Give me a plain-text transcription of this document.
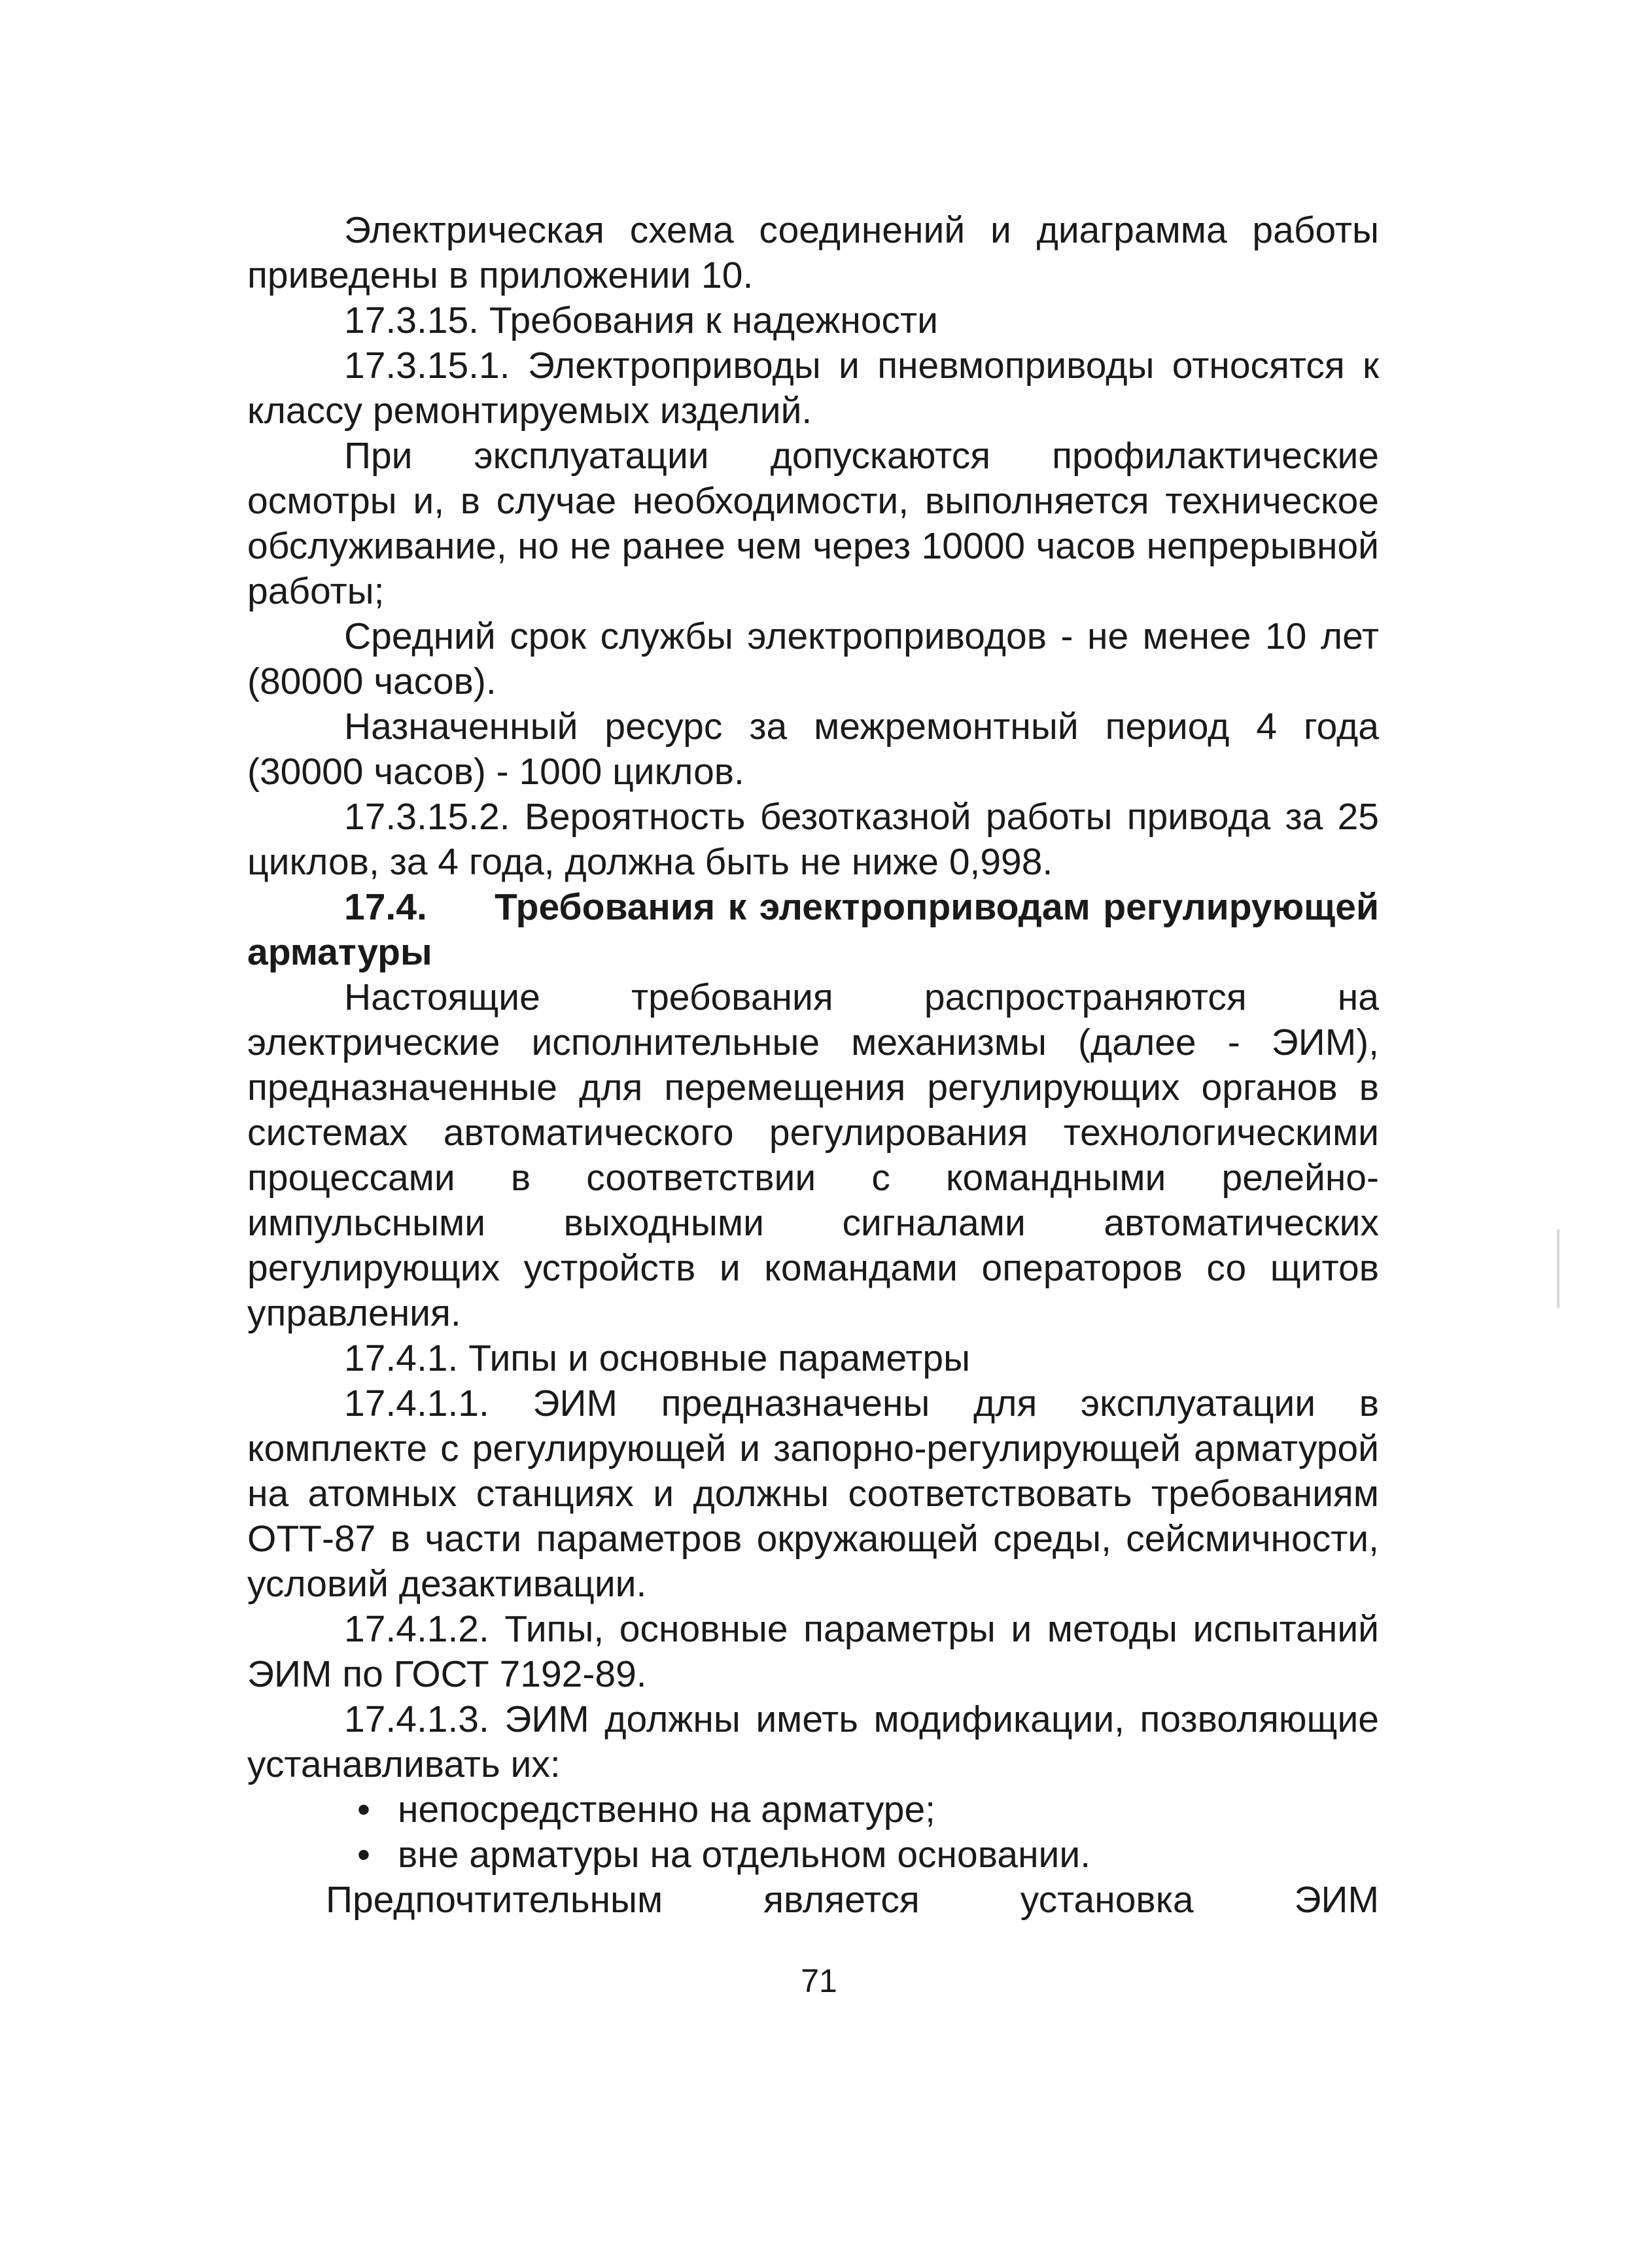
Электрическая схема соединений и диаграмма работы приведены в приложении 10.

17.3.15. Требования к надежности

17.3.15.1. Электроприводы и пневмоприводы относятся к классу ремонтируемых изделий.

При эксплуатации допускаются профилактические осмотры и, в случае необходимости, выполняется техническое обслуживание, но не ранее чем через 10000 часов непрерывной работы;

Средний срок службы электроприводов - не менее 10 лет (80000 часов).

Назначенный ресурс за межремонтный период 4 года (30000 часов) - 1000 циклов.

17.3.15.2. Вероятность безотказной работы привода за 25 циклов, за 4 года, должна быть не ниже 0,998.

17.4. Требования к электроприводам регулирующей арматуры

Настоящие требования распространяются на электрические исполнительные механизмы (далее - ЭИМ), предназначенные для перемещения регулирующих органов в системах автоматического регулирования технологическими процессами в соответствии с командными релейно-импульсными выходными сигналами автоматических регулирующих устройств и командами операторов со щитов управления.

17.4.1. Типы и основные параметры

17.4.1.1. ЭИМ предназначены для эксплуатации в комплекте с регулирующей и запорно-регулирующей арматурой на атомных станциях и должны соответствовать требованиям ОТТ-87 в части параметров окружающей среды, сейсмичности, условий дезактивации.

17.4.1.2. Типы, основные параметры и методы испытаний ЭИМ по ГОСТ 7192-89.

17.4.1.3. ЭИМ должны иметь модификации, позволяющие устанавливать их:

• непосредственно на арматуре;
• вне арматуры на отдельном основании.
Предпочтительным	является	установка	ЭИМ
71
